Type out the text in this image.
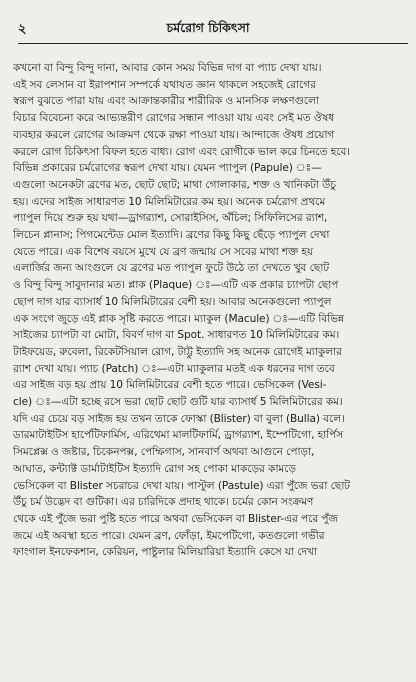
২	চর্মরোগ চিকিৎসা
কখনো বা বিন্দু বিন্দু দানা, আবার কোন সময় বিভিন্ন দাগ বা প্যাচ দেখা যায়।
এই সব লেসান বা ইরাপশান সম্পর্কে যথাযত জ্ঞান থাকলে সহজেই রোগের
স্বরূপ বুঝতে পারা যায় এবং আক্রান্তকারীর শারীরিক ও মানসিক লক্ষণগুলো
বিচার বিবেচনা করে আভ্যন্তরীণ রোগের সন্ধান পাওয়া যায় এবং সেই মত ঔষধ
ব্যবহার করলে রোগের আক্রমণ থেকে রক্ষা পাওয়া যায়। আন্দাজে ঔষধ প্রয়োগ
করলে রোগ চিকিৎসা বিফল হতে বাধ্য। রোগ এবং রোগীকে ভাল করে চিনতে হবে।
বিভিন্ন প্রকারের চর্মরোগের স্বরূপ দেখা যায়। যেমন প্যাপুল (Papule) ঃ—
এগুলো অনেকটা ব্রণের মত, ছোট ছোট; মাথা গোলাকার, শক্ত ও খানিকটা উঁচু
হয়। এদের সাইজ সাধারণত 10 মিলিমিটারের কম হয়। অনেক চর্মরোগ প্রথমে
প্যাপুল দিয়ে শুরু হয় যথা—ড্রাগর‍্যাশ, সোরাইসিস, অঁচিল; সিফিলিসের র‍্যাশ,
লিচেন প্লানাস; পিগমেন্টেড মোল ইত্যাদি। ব্রণের কিছু কিছু ছেঁড়ে প্যাপুল দেখা
যেতে পারে। এক বিশেষ বয়সে মুখে যে ব্রণ জন্মায় সে সবের মাথা শক্ত হয়
এলার্জির জন্য আংগুলে যে ব্রণের মত প্যাপুল ফুটে উঠে তা দেখতে খুব ছোট
ও বিন্দু বিন্দু সাবুদানার মত। প্লাক (Plaque) ঃ—এটি এক প্রকার চ্যাপটা ছোপ
ছোপ দাগ যার ব্যাসার্ধ 10 মিলিমিটারের বেশী হয়। আবার অনেকগুলো প্যাপুল
এক সংগে জুড়ে এই প্লাক সৃষ্টি করতে পারে। ম্যাকুল (Macule) ঃ—এটি বিভিন্ন
সাইজের চ্যাপটা বা মোটা, বিবর্ণ দাগ বা Spot. সাধারণত 10 মিলিমিটারের কম।
টাইফয়েড, রুবেলা, রিকেটসিয়াল রোগ, টাট্টু ইত্যাদি সহ অনেক রোগেই ম্যাকুলার
র‍্যাশ দেখা যায়। প্যাচ (Patch) ঃ—এটা ম্যাকুলার মতই এক ধরনের দাগ তবে
এর সাইজ বড় হয় প্রায় 10 মিলিমিটারের বেশী হতে পারে। ভেসিকেল (Vesi-
cle) ঃ—এটা হচ্ছে রসে ভরা ছোট ছোট গুটি যার ব্যাসার্ধ 5 মিলিমিটারের কম।
যদি এর চেয়ে বড় সাইজ হয় তখন তাকে ফোস্কা (Blister) বা বুলা (Bulla) বলে।
ডারমাটাইটিস হার্পেটিফার্মিস, এরিথেমা মালটিফার্মি, ড্রাগর‍্যাশ, ইম্পেটিগো, হার্পিস
সিমপ্লেক্স ও জষ্টার, চিকেনপক্স, পেম্ফিগাস, সানবার্ণ অথবা আগুনে পোড়া,
আঘাত, কন্ট্যাক্ট ডার্মাটাইটিস ইত্যাদি রোগ সহ পোকা মাকড়ের কামড়ে
ভেসিকেল বা Blister সচরাচর দেখা যায়। পাস্টুল (Pastule) এরা পুঁজে ভরা ছোট
উঁচু চর্ম উদ্ভেদ বা গুটিকা। এর চারিদিকে প্রদাহ থাকে। চর্মের কোন সংক্রমণ
থেকে এই পুঁজে ভরা পুষ্টি হতে পারে অথবা ভেসিকেল বা Blister-এর পরে পুঁজ
জমে এই অবস্থা হতে পারে। যেমন ব্রণ, ফোঁড়া, ইমপেটিগো, কতগুলো গভীর
ফাংগাল ইনফেকশান, কেরিয়ন, পাষ্টুলার মিলিয়ারিয়া ইত্যাদি কেসে যা দেখা
